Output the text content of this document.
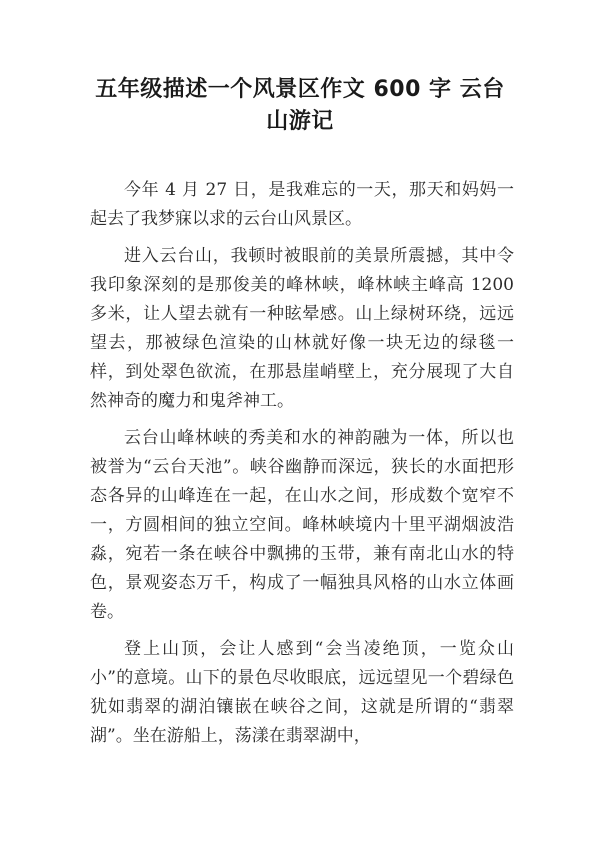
五年级描述一个风景区作文 600 字 云台山游记

今年 4 月 27 日，是我难忘的一天，那天和妈妈一起去了我梦寐以求的云台山风景区。

进入云台山，我顿时被眼前的美景所震撼，其中令我印象深刻的是那俊美的峰林峡，峰林峡主峰高 1200 多米，让人望去就有一种眩晕感。山上绿树环绕，远远望去，那被绿色渲染的山林就好像一块无边的绿毯一样，到处翠色欲流，在那悬崖峭壁上，充分展现了大自然神奇的魔力和鬼斧神工。

云台山峰林峡的秀美和水的神韵融为一体，所以也被誉为“云台天池”。峡谷幽静而深远，狭长的水面把形态各异的山峰连在一起，在山水之间，形成数个宽窄不一，方圆相间的独立空间。峰林峡境内十里平湖烟波浩淼，宛若一条在峡谷中飘拂的玉带，兼有南北山水的特色，景观姿态万千，构成了一幅独具风格的山水立体画卷。

登上山顶，会让人感到“会当凌绝顶，一览众山小”的意境。山下的景色尽收眼底，远远望见一个碧绿色犹如翡翠的湖泊镶嵌在峡谷之间，这就是所谓的“翡翠湖”。坐在游船上，荡漾在翡翠湖中，
